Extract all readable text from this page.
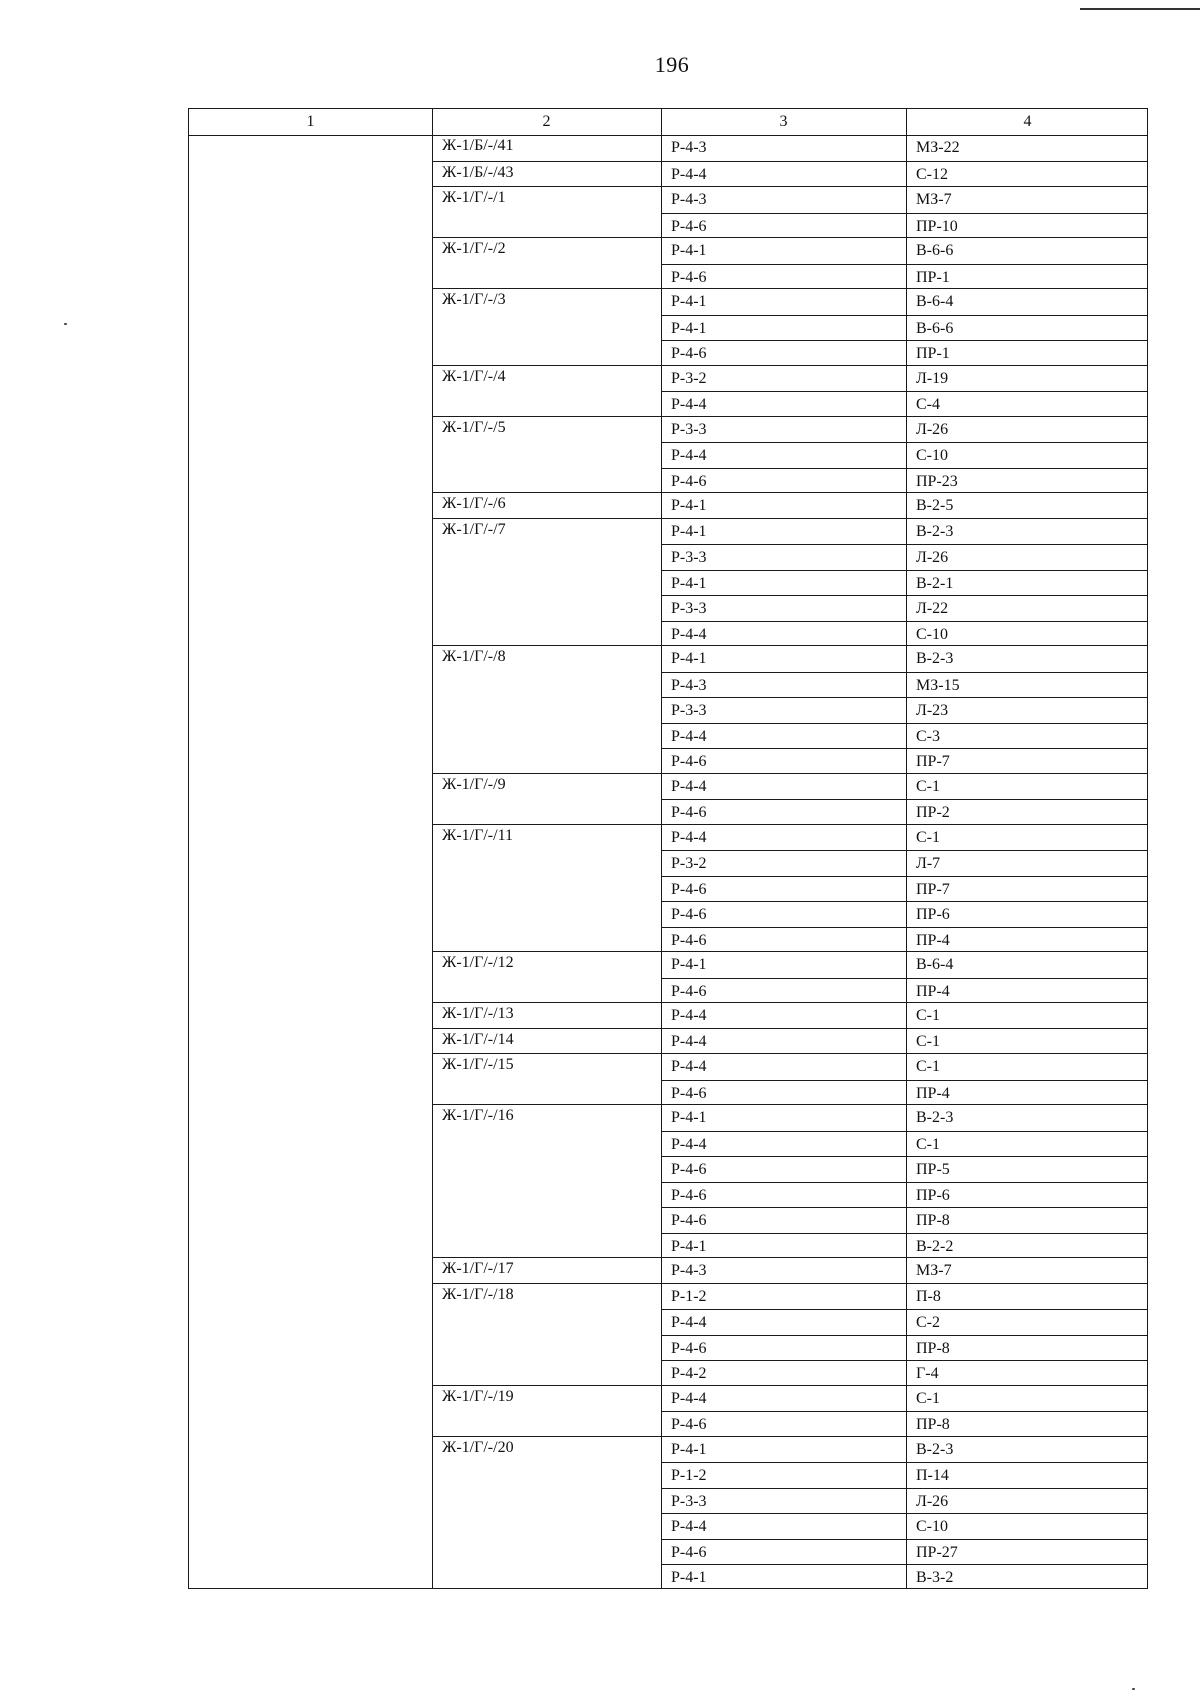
196
1	2	3	4
Ж-1/Б/-/41	Р-4-3	МЗ-22
Ж-1/Б/-/43	Р-4-4	С-12
Ж-1/Г/-/1	Р-4-3	МЗ-7
Р-4-6	ПР-10
Ж-1/Г/-/2	Р-4-1	В-6-6
Р-4-6	ПР-1
Ж-1/Г/-/3	Р-4-1	В-6-4
Р-4-1	В-6-6
Р-4-6	ПР-1
Ж-1/Г/-/4	Р-3-2	Л-19
Р-4-4	С-4
Ж-1/Г/-/5	Р-3-3	Л-26
Р-4-4	С-10
Р-4-6	ПР-23
Ж-1/Г/-/6	Р-4-1	В-2-5
Ж-1/Г/-/7	Р-4-1	В-2-3
Р-3-3	Л-26
Р-4-1	В-2-1
Р-3-3	Л-22
Р-4-4	С-10
Ж-1/Г/-/8	Р-4-1	В-2-3
Р-4-3	МЗ-15
Р-3-3	Л-23
Р-4-4	С-3
Р-4-6	ПР-7
Ж-1/Г/-/9	Р-4-4	С-1
Р-4-6	ПР-2
Ж-1/Г/-/11	Р-4-4	С-1
Р-3-2	Л-7
Р-4-6	ПР-7
Р-4-6	ПР-6
Р-4-6	ПР-4
Ж-1/Г/-/12	Р-4-1	В-6-4
Р-4-6	ПР-4
Ж-1/Г/-/13	Р-4-4	С-1
Ж-1/Г/-/14	Р-4-4	С-1
Ж-1/Г/-/15	Р-4-4	С-1
Р-4-6	ПР-4
Ж-1/Г/-/16	Р-4-1	В-2-3
Р-4-4	С-1
Р-4-6	ПР-5
Р-4-6	ПР-6
Р-4-6	ПР-8
Р-4-1	В-2-2
Ж-1/Г/-/17	Р-4-3	МЗ-7
Ж-1/Г/-/18	Р-1-2	П-8
Р-4-4	С-2
Р-4-6	ПР-8
Р-4-2	Г-4
Ж-1/Г/-/19	Р-4-4	С-1
Р-4-6	ПР-8
Ж-1/Г/-/20	Р-4-1	В-2-3
Р-1-2	П-14
Р-3-3	Л-26
Р-4-4	С-10
Р-4-6	ПР-27
Р-4-1	В-3-2
